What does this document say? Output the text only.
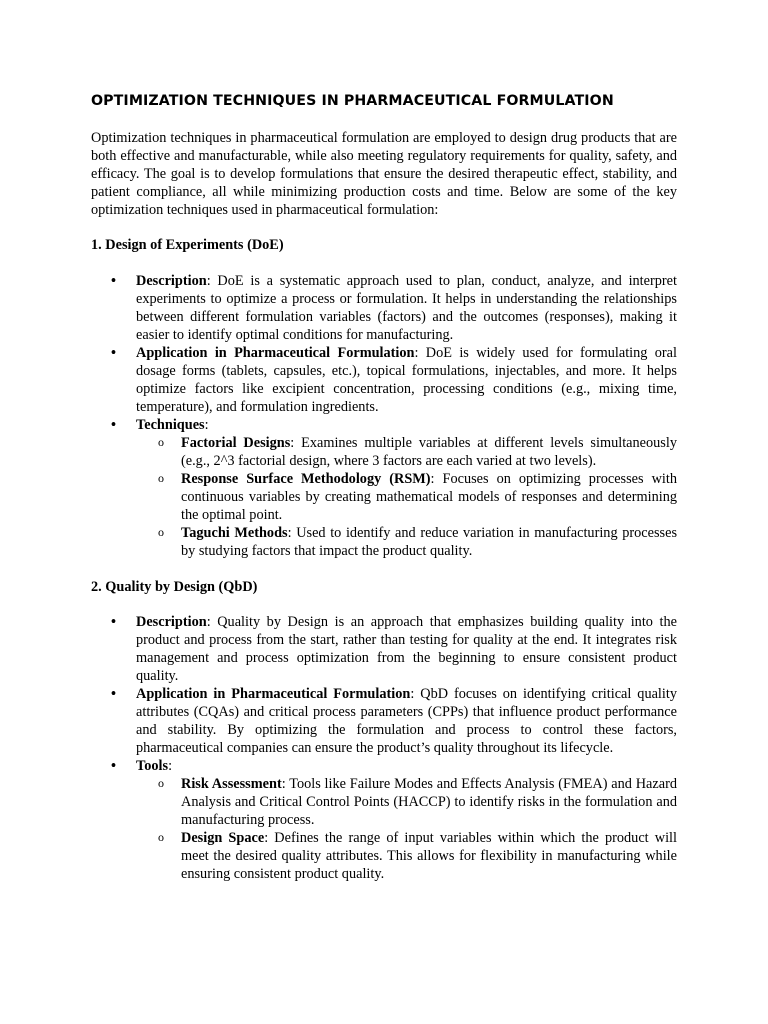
OPTIMIZATION TECHNIQUES IN PHARMACEUTICAL FORMULATION

Optimization techniques in pharmaceutical formulation are employed to design drug products that are both effective and manufacturable, while also meeting regulatory requirements for quality, safety, and efficacy. The goal is to develop formulations that ensure the desired therapeutic effect, stability, and patient compliance, all while minimizing production costs and time. Below are some of the key optimization techniques used in pharmaceutical formulation:

1. Design of Experiments (DoE)

•	Description: DoE is a systematic approach used to plan, conduct, analyze, and interpret experiments to optimize a process or formulation. It helps in understanding the relationships between different formulation variables (factors) and the outcomes (responses), making it easier to identify optimal conditions for manufacturing.
•	Application in Pharmaceutical Formulation: DoE is widely used for formulating oral dosage forms (tablets, capsules, etc.), topical formulations, injectables, and more. It helps optimize factors like excipient concentration, processing conditions (e.g., mixing time, temperature), and formulation ingredients.
•	Techniques:
o Factorial Designs: Examines multiple variables at different levels simultaneously (e.g., 2^3 factorial design, where 3 factors are each varied at two levels).
o Response Surface Methodology (RSM): Focuses on optimizing processes with continuous variables by creating mathematical models of responses and determining the optimal point.
o Taguchi Methods: Used to identify and reduce variation in manufacturing processes by studying factors that impact the product quality.

2. Quality by Design (QbD)

•	Description: Quality by Design is an approach that emphasizes building quality into the product and process from the start, rather than testing for quality at the end. It integrates risk management and process optimization from the beginning to ensure consistent product quality.
•	Application in Pharmaceutical Formulation: QbD focuses on identifying critical quality attributes (CQAs) and critical process parameters (CPPs) that influence product performance and stability. By optimizing the formulation and process to control these factors, pharmaceutical companies can ensure the product’s quality throughout its lifecycle.
•	Tools:
o Risk Assessment: Tools like Failure Modes and Effects Analysis (FMEA) and Hazard Analysis and Critical Control Points (HACCP) to identify risks in the formulation and manufacturing process.
o Design Space: Defines the range of input variables within which the product will meet the desired quality attributes. This allows for flexibility in manufacturing while ensuring consistent product quality.
